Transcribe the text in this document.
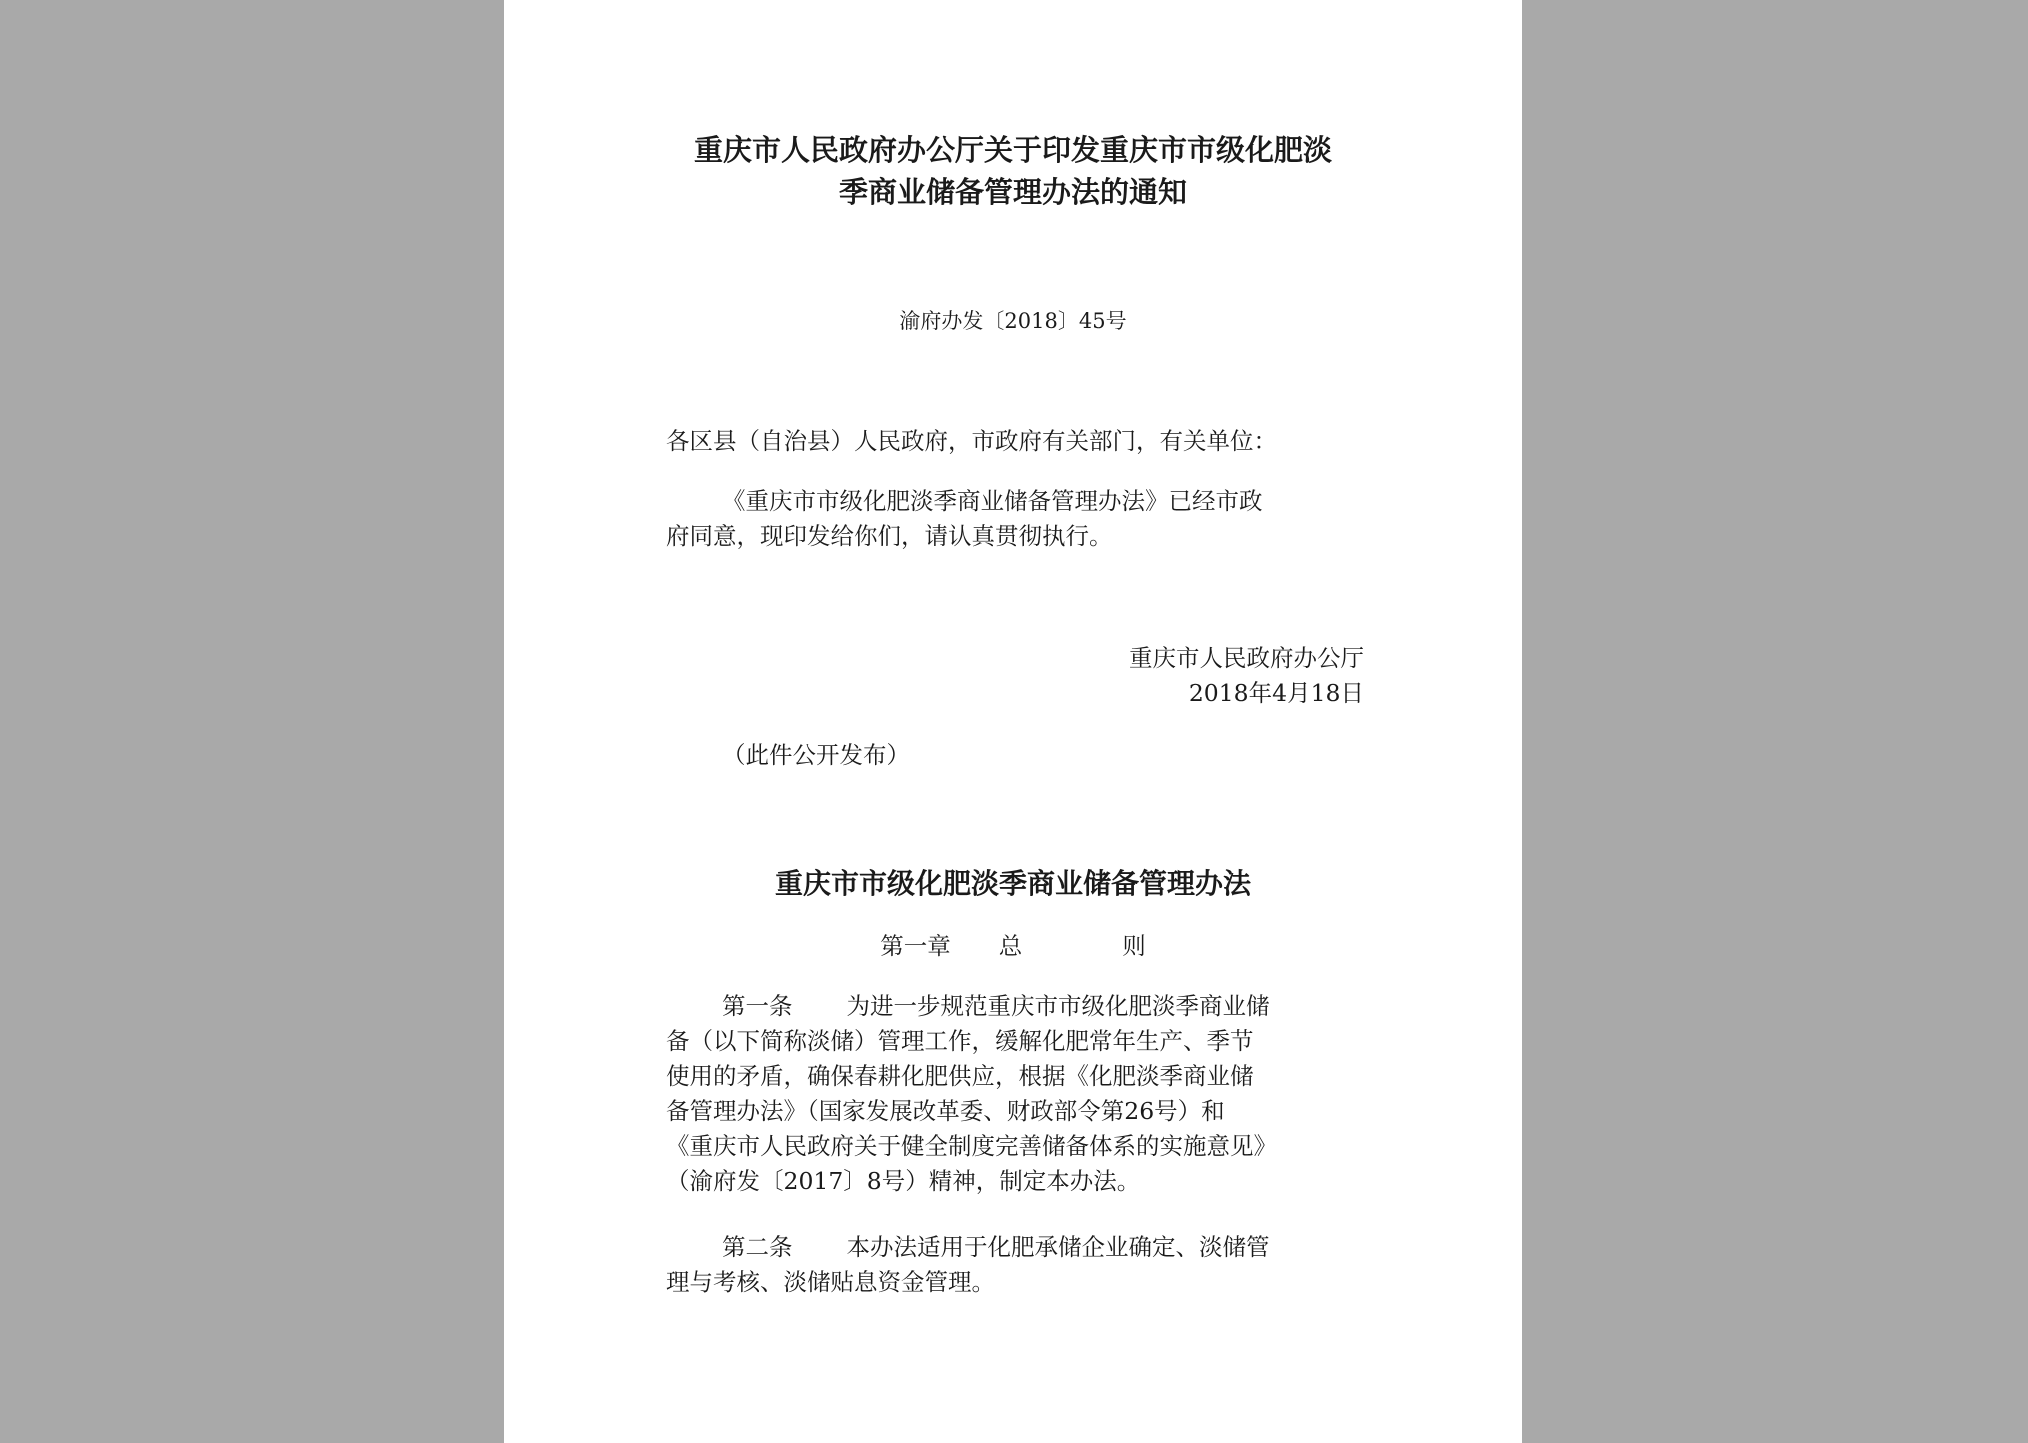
重庆市人民政府办公厅关于印发重庆市市级化肥淡

季商业储备管理办法的通知

渝府办发〔2018〕45号

各区县（自治县）人民政府，市政府有关部门，有关单位：

《重庆市市级化肥淡季商业储备管理办法》已经市政

府同意，现印发给你们，请认真贯彻执行。

重庆市人民政府办公厅

2018年4月18日

（此件公开发布）

重庆市市级化肥淡季商业储备管理办法

第一章 总	则

第一条 为进一步规范重庆市市级化肥淡季商业储

备（以下简称淡储）管理工作，缓解化肥常年生产、季节

使用的矛盾，确保春耕化肥供应，根据《化肥淡季商业储

备管理办法》（国家发展改革委、财政部令第26号）和

《重庆市人民政府关于健全制度完善储备体系的实施意见》

（渝府发〔2017〕8号）精神，制定本办法。

第二条 本办法适用于化肥承储企业确定、淡储管

理与考核、淡储贴息资金管理。
